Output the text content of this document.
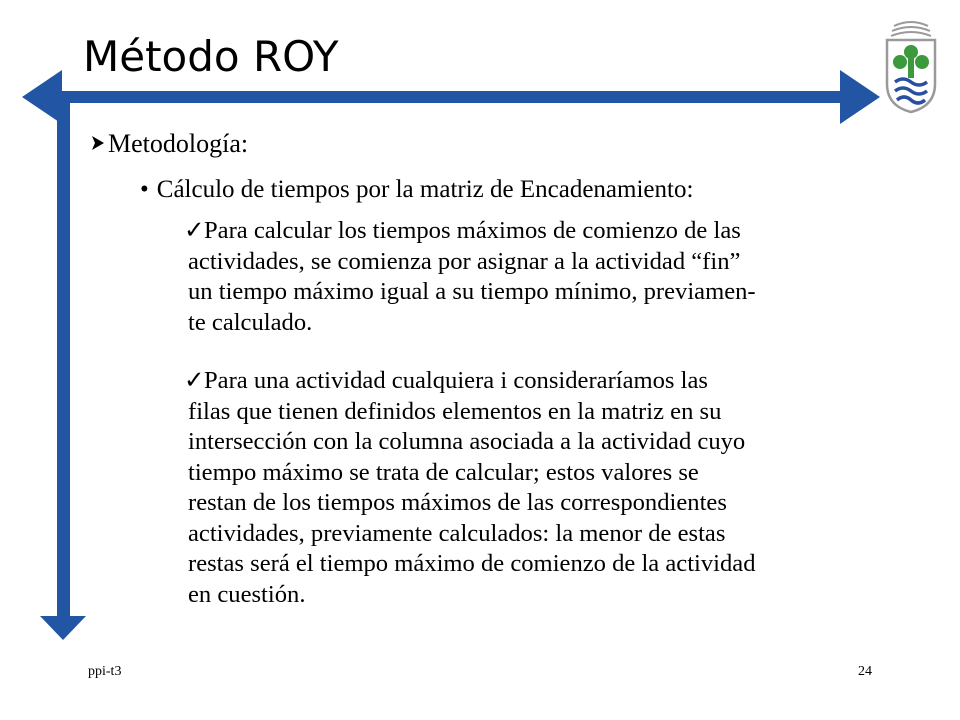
Método ROY
Metodología:
• Cálculo de tiempos por la matriz de Encadenamiento:
✓Para calcular los tiempos máximos de comienzo de las
actividades, se comienza por asignar a la actividad “fin”
un tiempo máximo igual a su tiempo mínimo, previamen-
te calculado.
✓Para una actividad cualquiera i consideraríamos las
filas que tienen definidos elementos en la matriz en su
intersección con la columna asociada a la actividad cuyo
tiempo máximo se trata de calcular; estos valores se
restan de los tiempos máximos de las correspondientes
actividades, previamente calculados: la menor de estas
restas será el tiempo máximo de comienzo de la actividad
en cuestión.
ppi-t3	24
